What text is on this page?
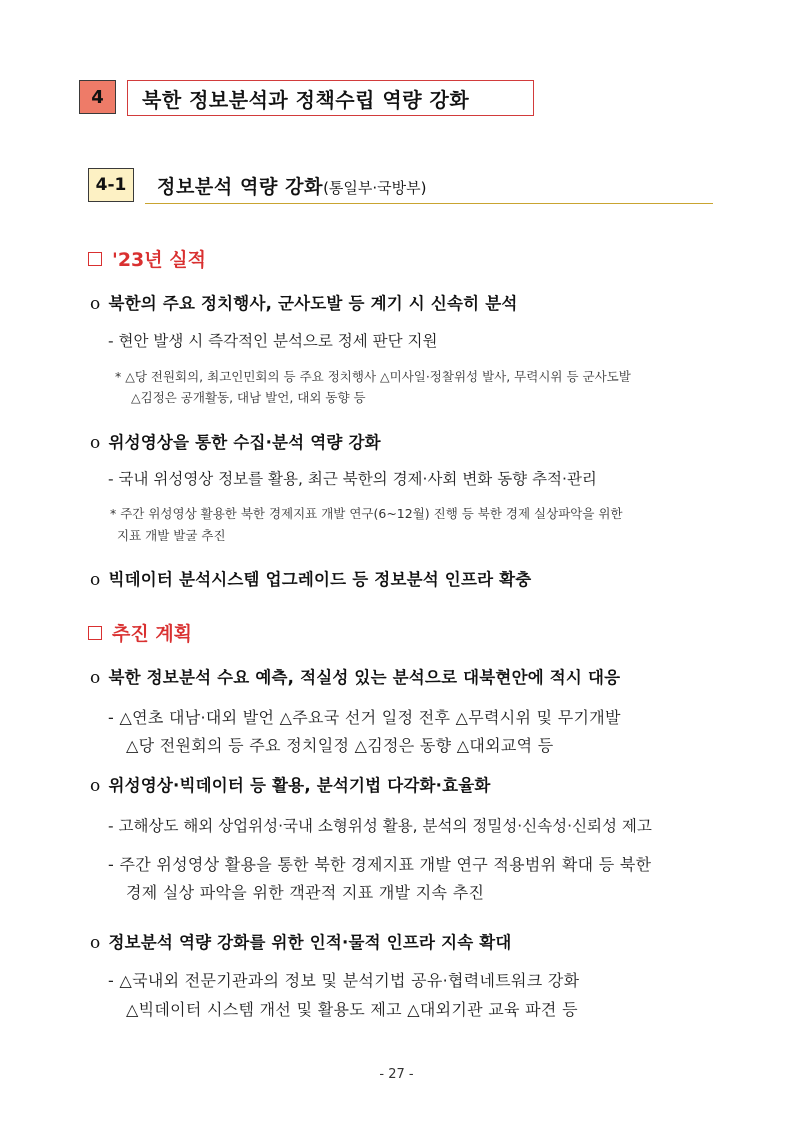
4	북한 정보분석과 정책수립 역량 강화
4-1	정보분석 역량 강화(통일부·국방부)
'23년 실적
o 북한의 주요 정치행사, 군사도발 등 계기 시 신속히 분석
- 현안 발생 시 즉각적인 분석으로 정세 판단 지원
* △당 전원회의, 최고인민회의 등 주요 정치행사 △미사일·정찰위성 발사, 무력시위 등 군사도발
△김정은 공개활동, 대남 발언, 대외 동향 등
o 위성영상을 통한 수집·분석 역량 강화
- 국내 위성영상 정보를 활용, 최근 북한의 경제·사회 변화 동향 추적·관리
* 주간 위성영상 활용한 북한 경제지표 개발 연구(6~12월) 진행 등 북한 경제 실상파악을 위한
지표 개발 발굴 추진
o 빅데이터 분석시스템 업그레이드 등 정보분석 인프라 확충
추진 계획
o 북한 정보분석 수요 예측, 적실성 있는 분석으로 대북현안에 적시 대응
- △연초 대남·대외 발언 △주요국 선거 일정 전후 △무력시위 및 무기개발
△당 전원회의 등 주요 정치일정 △김정은 동향 △대외교역 등
o 위성영상·빅데이터 등 활용, 분석기법 다각화·효율화
- 고해상도 해외 상업위성·국내 소형위성 활용, 분석의 정밀성·신속성·신뢰성 제고
- 주간 위성영상 활용을 통한 북한 경제지표 개발 연구 적용범위 확대 등 북한
경제 실상 파악을 위한 객관적 지표 개발 지속 추진
o 정보분석 역량 강화를 위한 인적·물적 인프라 지속 확대
- △국내외 전문기관과의 정보 및 분석기법 공유·협력네트워크 강화
△빅데이터 시스템 개선 및 활용도 제고 △대외기관 교육 파견 등
- 27 -
